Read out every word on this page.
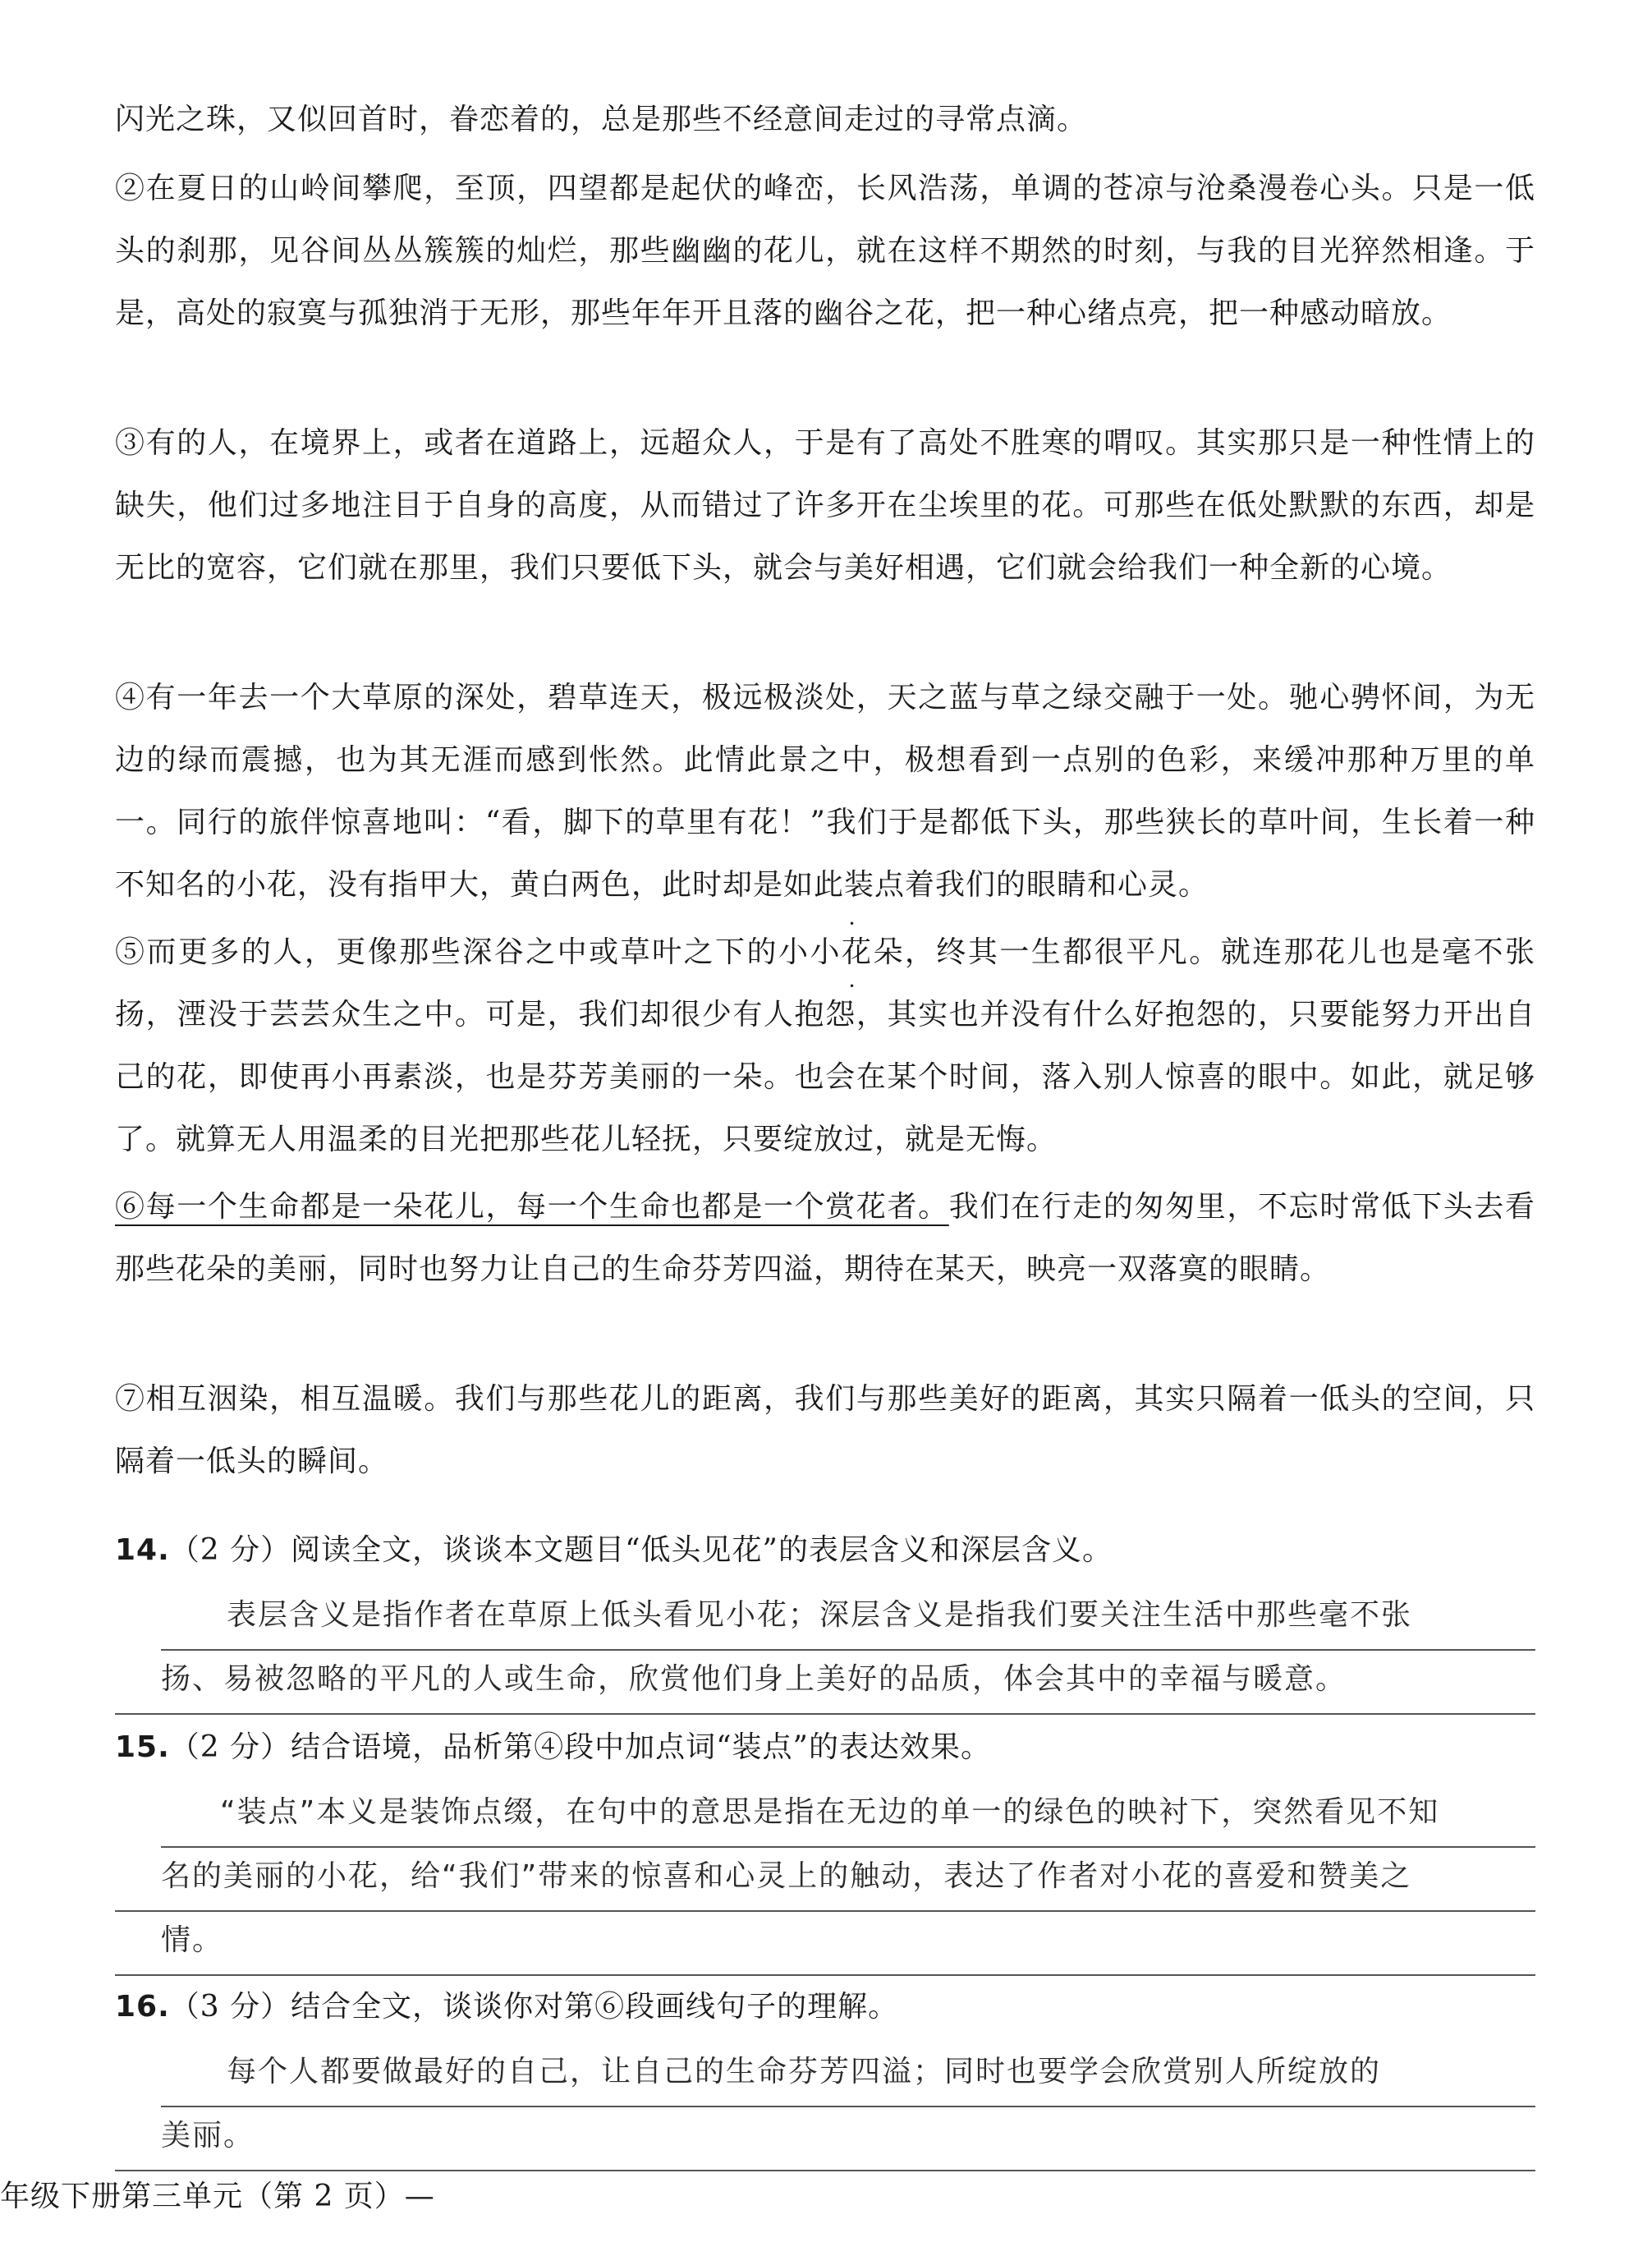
闪光之珠，又似回首时，眷恋着的，总是那些不经意间走过的寻常点滴。

②在夏日的山岭间攀爬，至顶，四望都是起伏的峰峦，长风浩荡，单调的苍凉与沧桑漫卷心头。只是一低头的刹那，见谷间丛丛簇簇的灿烂，那些幽幽的花儿，就在这样不期然的时刻，与我的目光猝然相逢。于是，高处的寂寞与孤独消于无形，那些年年开且落的幽谷之花，把一种心绪点亮，把一种感动暗放。

③有的人，在境界上，或者在道路上，远超众人，于是有了高处不胜寒的喟叹。其实那只是一种性情上的缺失，他们过多地注目于自身的高度，从而错过了许多开在尘埃里的花。可那些在低处默默的东西，却是无比的宽容，它们就在那里，我们只要低下头，就会与美好相遇，它们就会给我们一种全新的心境。

④有一年去一个大草原的深处，碧草连天，极远极淡处，天之蓝与草之绿交融于一处。驰心骋怀间，为无边的绿而震撼，也为其无涯而感到怅然。此情此景之中，极想看到一点别的色彩，来缓冲那种万里的单一。同行的旅伴惊喜地叫：“看，脚下的草里有花！”我们于是都低下头，那些狭长的草叶间，生长着一种不知名的小花，没有指甲大，黄白两色，此时却是如此装点 • •着我们的眼睛和心灵。

⑤而更多的人，更像那些深谷之中或草叶之下的小小花朵，终其一生都很平凡。就连那花儿也是毫不张扬，湮没于芸芸众生之中。可是，我们却很少有人抱怨，其实也并没有什么好抱怨的，只要能努力开出自己的花，即使再小再素淡，也是芬芳美丽的一朵。也会在某个时间，落入别人惊喜的眼中。如此，就足够了。就算无人用温柔的目光把那些花儿轻抚，只要绽放过，就是无悔。

⑥每一个生命都是一朵花儿，每一个生命也都是一个赏花者。我们在行走的匆匆里，不忘时常低下头去看那些花朵的美丽，同时也努力让自己的生命芬芳四溢，期待在某天，映亮一双落寞的眼睛。

⑦相互洇染，相互温暖。我们与那些花儿的距离，我们与那些美好的距离，其实只隔着一低头的空间，只隔着一低头的瞬间。

14.（2 分）阅读全文，谈谈本文题目“低头见花”的表层含义和深层含义。

表层含义是指作者在草原上低头看见小花；深层含义是指我们要关注生活中那些毫不张
扬、易被忽略的平凡的人或生命，欣赏他们身上美好的品质，体会其中的幸福与暖意。

15.（2 分）结合语境，品析第④段中加点词“装点”的表达效果。

“装点”本义是装饰点缀，在句中的意思是指在无边的单一的绿色的映衬下，突然看见不知
名的美丽的小花，给“我们”带来的惊喜和心灵上的触动，表达了作者对小花的喜爱和赞美之
情。

16.（3 分）结合全文，谈谈你对第⑥段画线句子的理解。

每个人都要做最好的自己，让自己的生命芬芳四溢；同时也要学会欣赏别人所绽放的
美丽。
年级下册第三单元（第 2 页）—
